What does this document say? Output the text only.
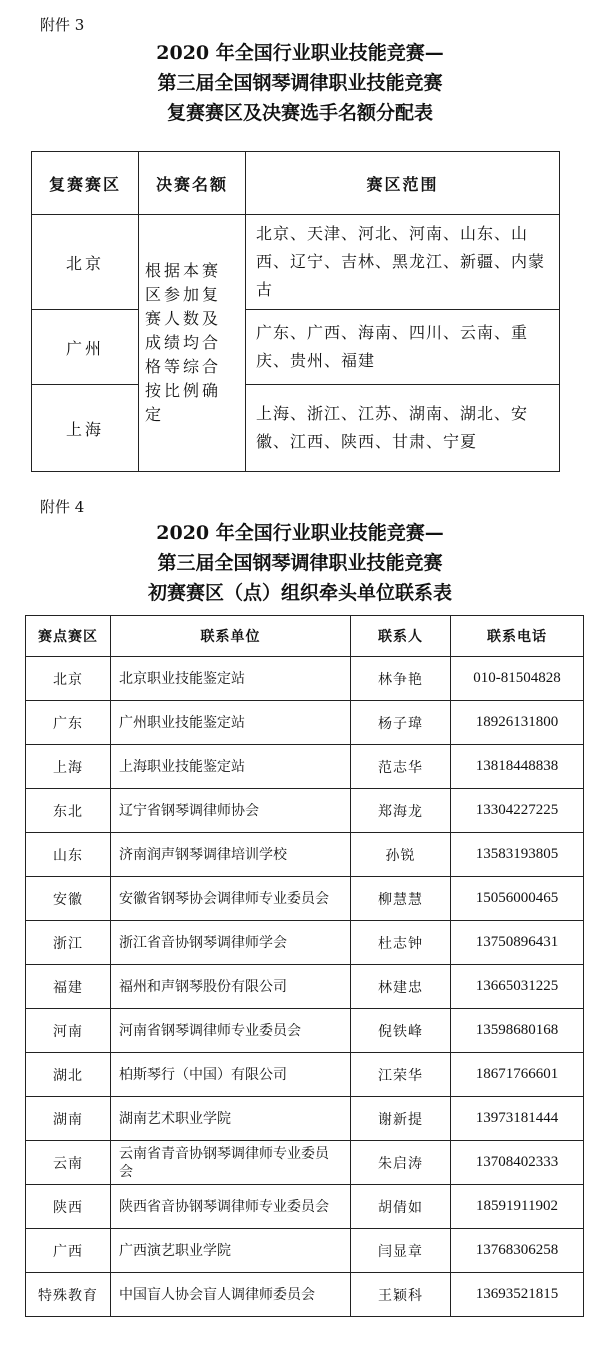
附件 3
2020 年全国行业职业技能竞赛—
第三届全国钢琴调律职业技能竞赛
复赛赛区及决赛选手名额分配表
复赛赛区	决赛名额	赛区范围
北京	根据本赛区参加复赛人数及成绩均合格等综合按比例确定	北京、天津、河北、河南、山东、山西、辽宁、吉林、黑龙江、新疆、内蒙古
广州		广东、广西、海南、四川、云南、重庆、贵州、福建
上海		上海、浙江、江苏、湖南、湖北、安徽、江西、陕西、甘肃、宁夏
附件 4
2020 年全国行业职业技能竞赛—
第三届全国钢琴调律职业技能竞赛
初赛赛区（点）组织牵头单位联系表
赛点赛区	联系单位	联系人	联系电话
北京	北京职业技能鉴定站	林争艳	010-81504828
广东	广州职业技能鉴定站	杨子瑋	18926131800
上海	上海职业技能鉴定站	范志华	13818448838
东北	辽宁省钢琴调律师协会	郑海龙	13304227225
山东	济南润声钢琴调律培训学校	孙锐	13583193805
安徽	安徽省钢琴协会调律师专业委员会	柳慧慧	15056000465
浙江	浙江省音协钢琴调律师学会	杜志钟	13750896431
福建	福州和声钢琴股份有限公司	林建忠	13665031225
河南	河南省钢琴调律师专业委员会	倪铁峰	13598680168
湖北	柏斯琴行（中国）有限公司	江荣华	18671766601
湖南	湖南艺术职业学院	谢新提	13973181444
云南	云南省青音协钢琴调律师专业委员会	朱启涛	13708402333
陕西	陕西省音协钢琴调律师专业委员会	胡倩如	18591911902
广西	广西演艺职业学院	闫显章	13768306258
特殊教育	中国盲人协会盲人调律师委员会	王颖科	13693521815
